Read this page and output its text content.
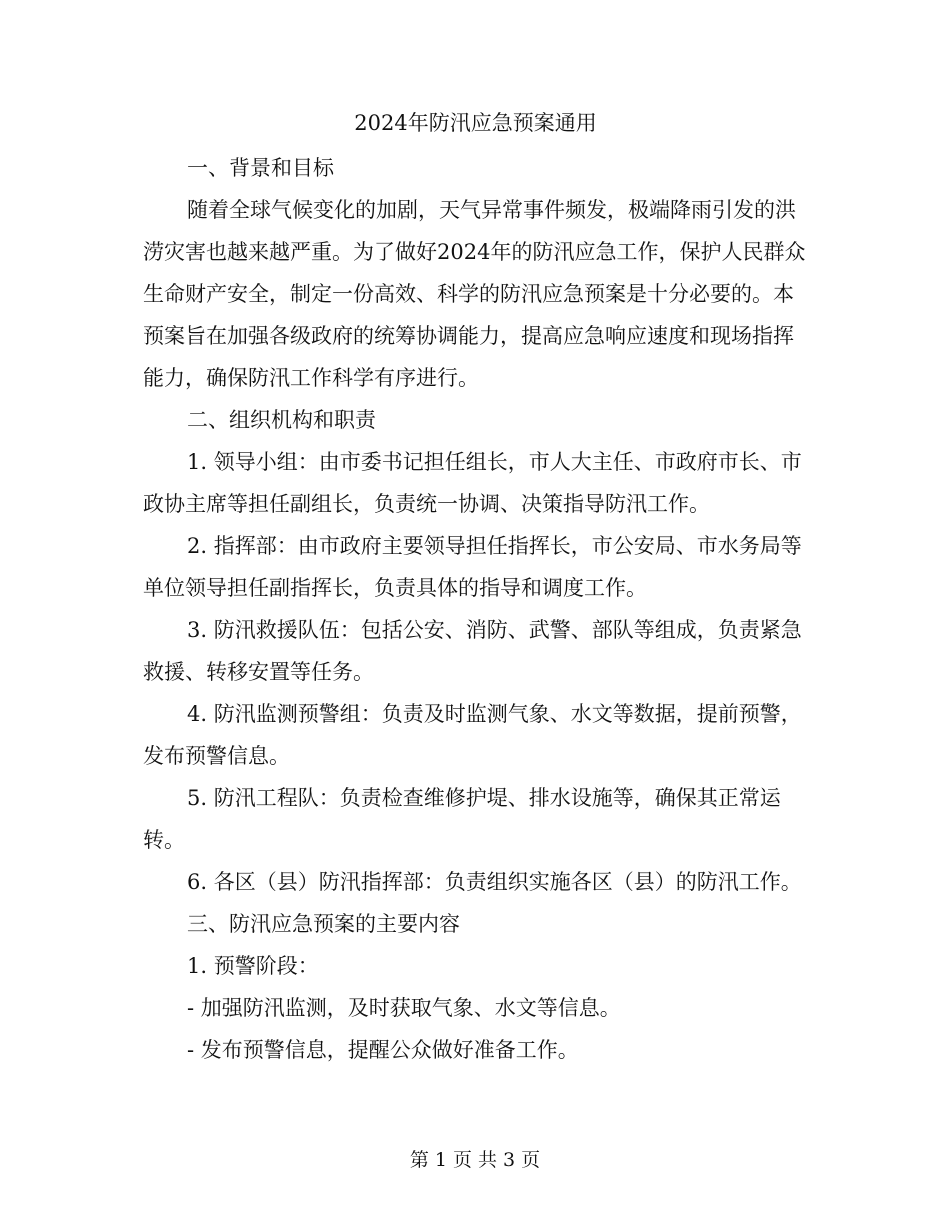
2024年防汛应急预案通用

一、背景和目标

随着全球气候变化的加剧，天气异常事件频发，极端降雨引发的洪涝灾害也越来越严重。为了做好2024年的防汛应急工作，保护人民群众生命财产安全，制定一份高效、科学的防汛应急预案是十分必要的。本预案旨在加强各级政府的统筹协调能力，提高应急响应速度和现场指挥能力，确保防汛工作科学有序进行。

二、组织机构和职责

1. 领导小组：由市委书记担任组长，市人大主任、市政府市长、市政协主席等担任副组长，负责统一协调、决策指导防汛工作。

2. 指挥部：由市政府主要领导担任指挥长，市公安局、市水务局等单位领导担任副指挥长，负责具体的指导和调度工作。

3. 防汛救援队伍：包括公安、消防、武警、部队等组成，负责紧急救援、转移安置等任务。

4. 防汛监测预警组：负责及时监测气象、水文等数据，提前预警，发布预警信息。

5. 防汛工程队：负责检查维修护堤、排水设施等，确保其正常运转。

6. 各区（县）防汛指挥部：负责组织实施各区（县）的防汛工作。

三、防汛应急预案的主要内容

1. 预警阶段：

- 加强防汛监测，及时获取气象、水文等信息。

- 发布预警信息，提醒公众做好准备工作。

第 1 页 共 3 页
